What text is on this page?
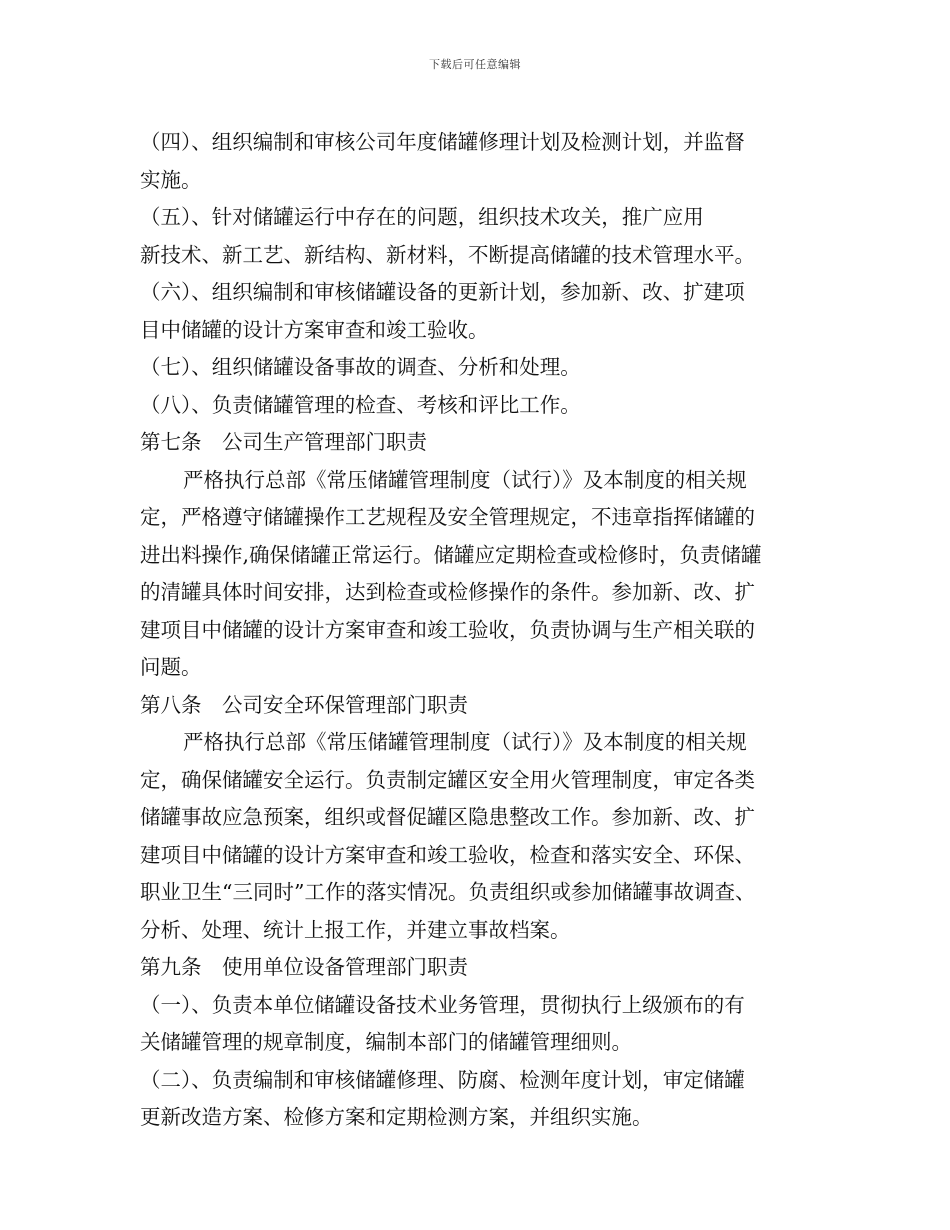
下载后可任意编辑
（四）、组织编制和审核公司年度储罐修理计划及检测计划，并监督
实施。
（五）、针对储罐运行中存在的问题，组织技术攻关，推广应用
新技术、新工艺、新结构、新材料，不断提高储罐的技术管理水平。
（六）、组织编制和审核储罐设备的更新计划，参加新、改、扩建项
目中储罐的设计方案审查和竣工验收。
（七）、组织储罐设备事故的调查、分析和处理。
（八）、负责储罐管理的检查、考核和评比工作。
第七条　公司生产管理部门职责
严格执行总部《常压储罐管理制度（试行）》及本制度的相关规
定，严格遵守储罐操作工艺规程及安全管理规定，不违章指挥储罐的
进出料操作,确保储罐正常运行。储罐应定期检查或检修时，负责储罐
的清罐具体时间安排，达到检查或检修操作的条件。参加新、改、扩
建项目中储罐的设计方案审查和竣工验收，负责协调与生产相关联的
问题。
第八条　公司安全环保管理部门职责
严格执行总部《常压储罐管理制度（试行）》及本制度的相关规
定，确保储罐安全运行。负责制定罐区安全用火管理制度，审定各类
储罐事故应急预案，组织或督促罐区隐患整改工作。参加新、改、扩
建项目中储罐的设计方案审查和竣工验收，检查和落实安全、环保、
职业卫生“三同时”工作的落实情况。负责组织或参加储罐事故调查、
分析、处理、统计上报工作，并建立事故档案。
第九条　使用单位设备管理部门职责
（一）、负责本单位储罐设备技术业务管理，贯彻执行上级颁布的有
关储罐管理的规章制度，编制本部门的储罐管理细则。
（二）、负责编制和审核储罐修理、防腐、检测年度计划，审定储罐
更新改造方案、检修方案和定期检测方案，并组织实施。
